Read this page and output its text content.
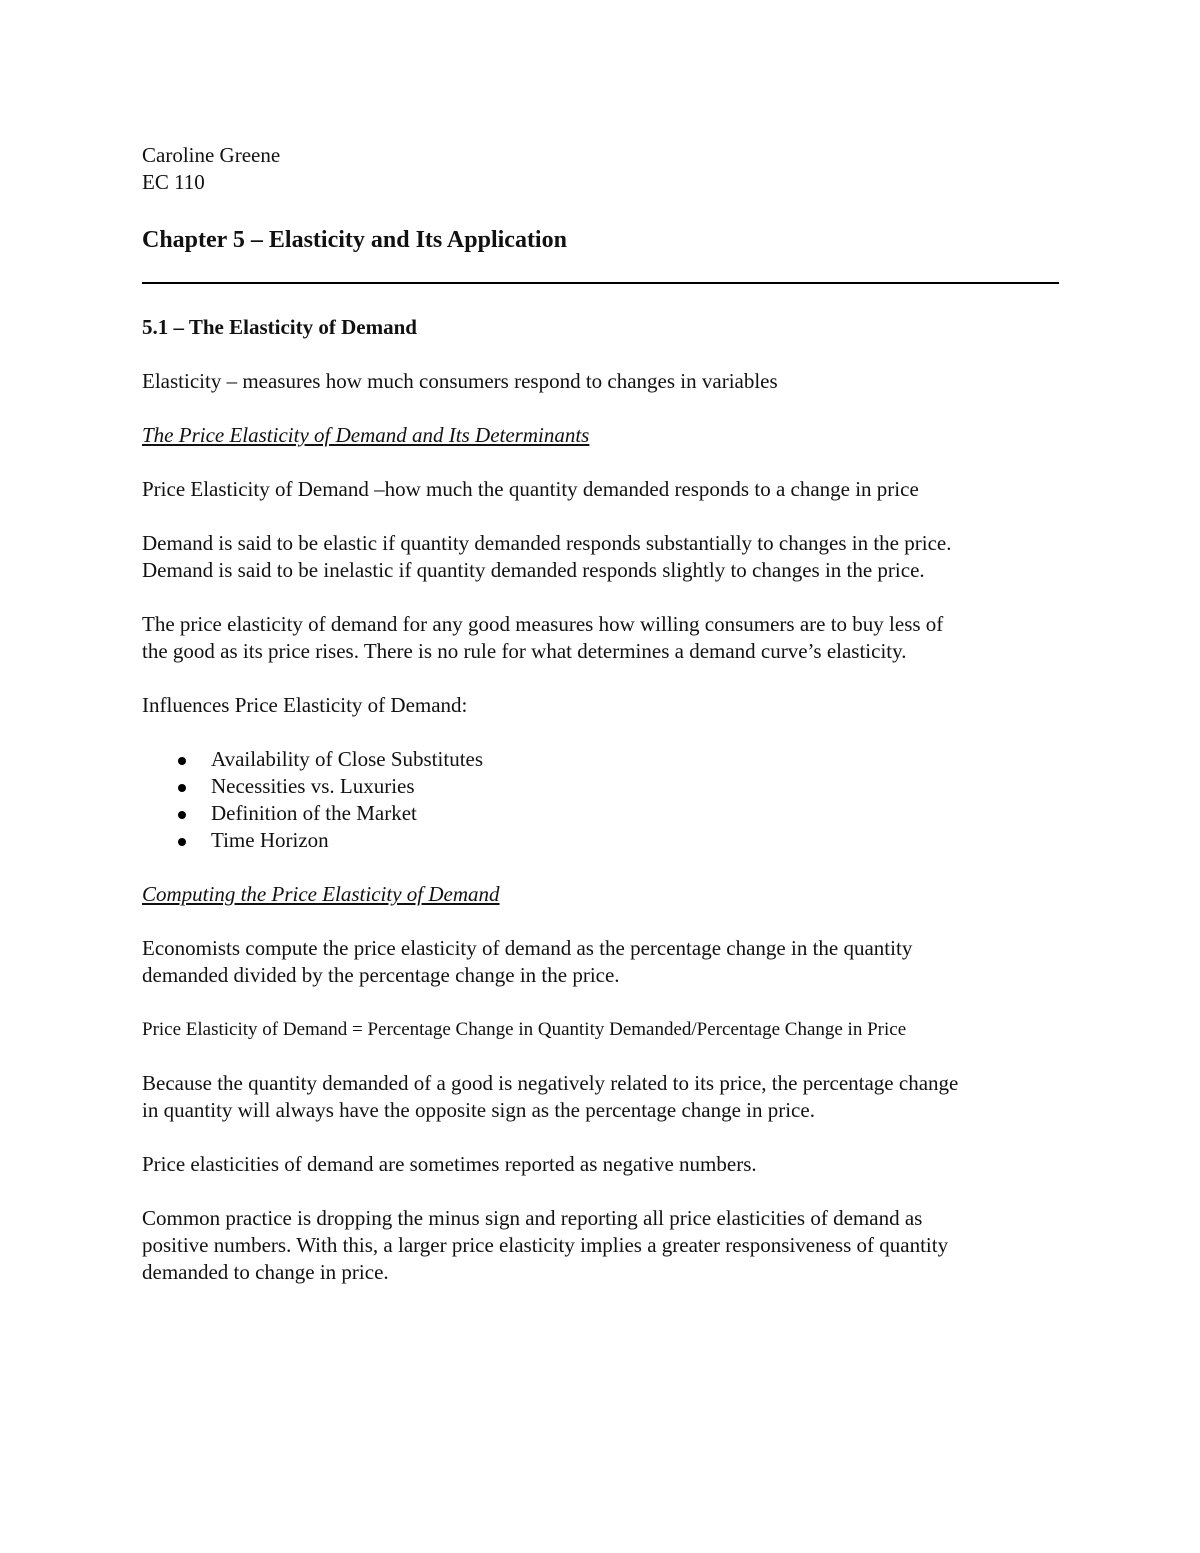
Caroline Greene
EC 110
Chapter 5 – Elasticity and Its Application
5.1 – The Elasticity of Demand
Elasticity – measures how much consumers respond to changes in variables
The Price Elasticity of Demand and Its Determinants
Price Elasticity of Demand –how much the quantity demanded responds to a change in price
Demand is said to be elastic if quantity demanded responds substantially to changes in the price.
Demand is said to be inelastic if quantity demanded responds slightly to changes in the price.
The price elasticity of demand for any good measures how willing consumers are to buy less of
the good as its price rises. There is no rule for what determines a demand curve’s elasticity.
Influences Price Elasticity of Demand:
Availability of Close Substitutes
Necessities vs. Luxuries
Definition of the Market
Time Horizon
Computing the Price Elasticity of Demand
Economists compute the price elasticity of demand as the percentage change in the quantity
demanded divided by the percentage change in the price.
Price Elasticity of Demand = Percentage Change in Quantity Demanded/Percentage Change in Price
Because the quantity demanded of a good is negatively related to its price, the percentage change
in quantity will always have the opposite sign as the percentage change in price.
Price elasticities of demand are sometimes reported as negative numbers.
Common practice is dropping the minus sign and reporting all price elasticities of demand as
positive numbers. With this, a larger price elasticity implies a greater responsiveness of quantity
demanded to change in price.
